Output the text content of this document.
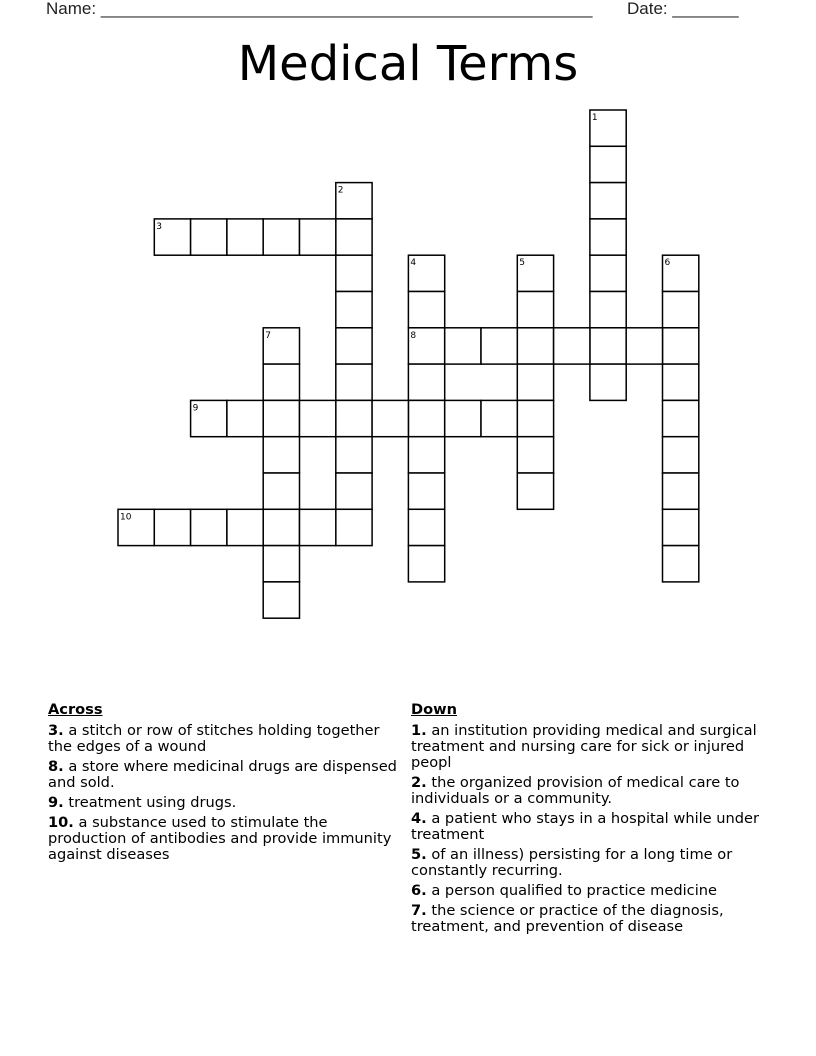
Name: ____________________________________________________ Date: _______
Medical Terms
1
2
3
4	5	6
7	8
9
10
Across
3. a stitch or row of stitches holding together the edges of a wound
8. a store where medicinal drugs are dispensed and sold.
9. treatment using drugs.
10. a substance used to stimulate the production of antibodies and provide immunity against diseases
Down
1. an institution providing medical and surgical treatment and nursing care for sick or injured peopl
2. the organized provision of medical care to individuals or a community.
4. a patient who stays in a hospital while under treatment
5. of an illness) persisting for a long time or constantly recurring.
6. a person qualified to practice medicine
7. the science or practice of the diagnosis, treatment, and prevention of disease
